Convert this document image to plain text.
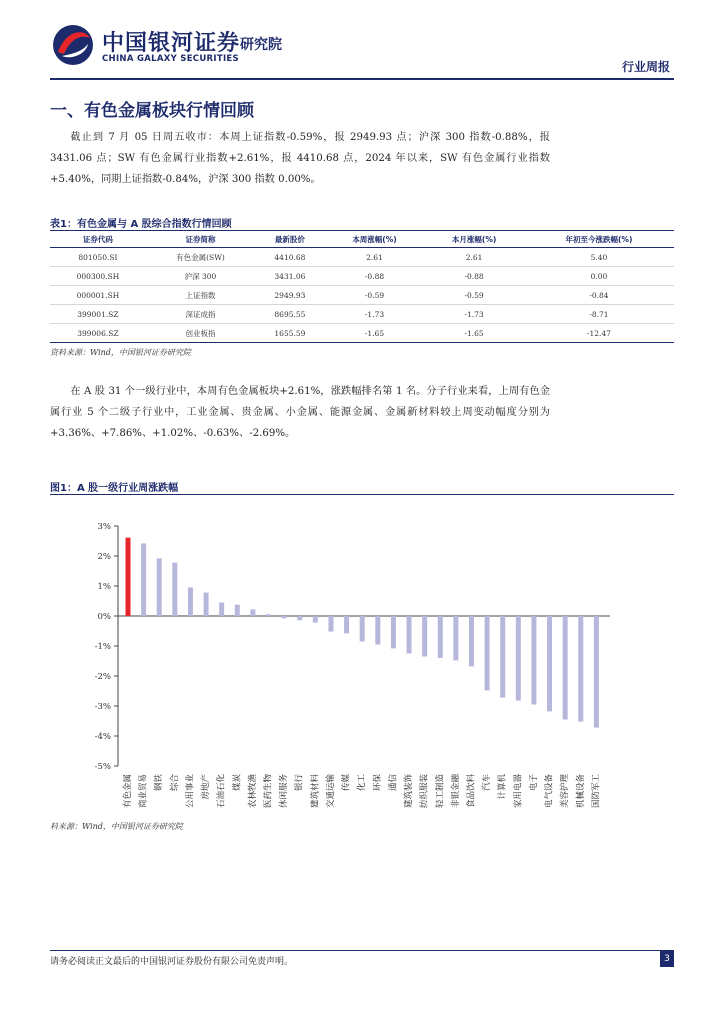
中国银河证券
CHINA GALAXY SECURITIES
研究院
行业周报
一、有色金属板块行情回顾
截止到 7 月 05 日周五收市：本周上证指数-0.59%，报 2949.93 点；沪深 300 指数-0.88%，报 3431.06 点；SW 有色金属行业指数+2.61%，报 4410.68 点，2024 年以来，SW 有色金属行业指数+5.40%，同期上证指数-0.84%，沪深 300 指数 0.00%。
表1：有色金属与 A 股综合指数行情回顾
证券代码	证券简称	最新股价	本周涨幅(%)	本月涨幅(%)	年初至今涨跌幅(%)
801050.SI	有色金属(SW)	4410.68	2.61	2.61	5.40
000300.SH	沪深 300	3431.06	-0.88	-0.88	0.00
000001.SH	上证指数	2949.93	-0.59	-0.59	-0.84
399001.SZ	深证成指	8695.55	-1.73	-1.73	-8.71
399006.SZ	创业板指	1655.59	-1.65	-1.65	-12.47
资料来源：Wind，中国银河证券研究院
在 A 股 31 个一级行业中，本周有色金属板块+2.61%，涨跌幅排名第 1 名。分子行业来看，上周有色金属行业 5 个二级子行业中，工业金属、贵金属、小金属、能源金属、金属新材料较上周变动幅度分别为+3.36%、+7.86%、+1.02%、-0.63%、-2.69%。
图1：A 股一级行业周涨跌幅
3%
2%
1%
0%
-1%
-2%
-3%
-4%
-5%
有色金属 商业贸易 钢铁 综合 公用事业 房地产 石油石化 煤炭 农林牧渔 医药生物 休闲服务 银行 建筑材料 交通运输 传媒 化工 环保 通信 建筑装饰 纺织服装 轻工制造 非银金融 食品饮料 汽车 计算机 家用电器 电子 电气设备 美容护理 机械设备 国防军工
料来源：Wind，中国银河证券研究院
请务必阅读正文最后的中国银河证券股份有限公司免责声明。	3
